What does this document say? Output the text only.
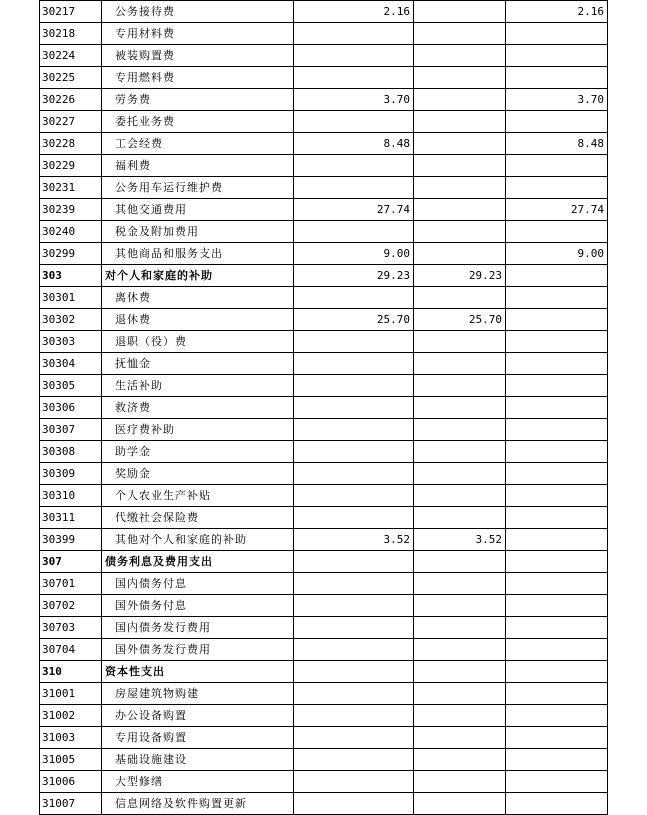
30217	公务接待费	2.16		2.16
30218	专用材料费			
30224	被装购置费			
30225	专用燃料费			
30226	劳务费	3.70		3.70
30227	委托业务费			
30228	工会经费	8.48		8.48
30229	福利费			
30231	公务用车运行维护费			
30239	其他交通费用	27.74		27.74
30240	税金及附加费用			
30299	其他商品和服务支出	9.00		9.00
303	对个人和家庭的补助	29.23	29.23	
30301	离休费			
30302	退休费	25.70	25.70	
30303	退职（役）费			
30304	抚恤金			
30305	生活补助			
30306	救济费			
30307	医疗费补助			
30308	助学金			
30309	奖励金			
30310	个人农业生产补贴			
30311	代缴社会保险费			
30399	其他对个人和家庭的补助	3.52	3.52	
307	债务利息及费用支出			
30701	国内债务付息			
30702	国外债务付息			
30703	国内债务发行费用			
30704	国外债务发行费用			
310	资本性支出			
31001	房屋建筑物购建			
31002	办公设备购置			
31003	专用设备购置			
31005	基础设施建设			
31006	大型修缮			
31007	信息网络及软件购置更新			
